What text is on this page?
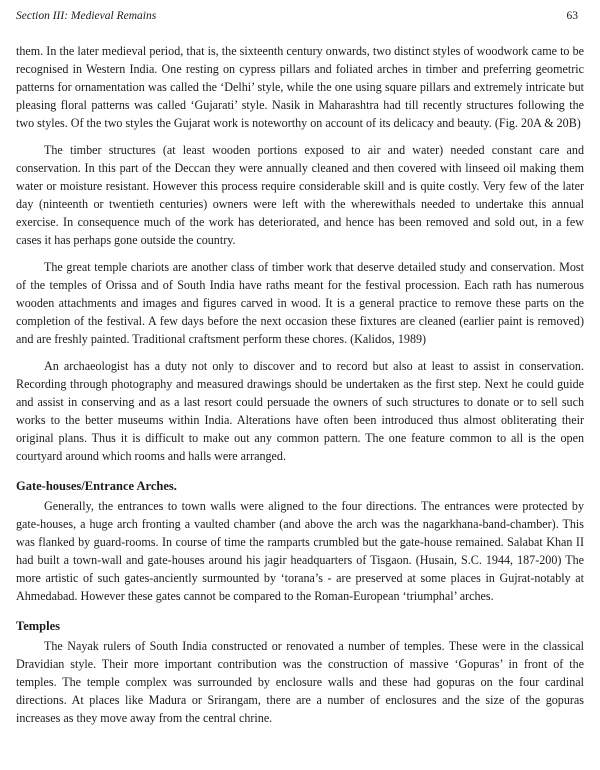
Section III: Medieval Remains	63

them. In the later medieval period, that is, the sixteenth century onwards, two distinct styles of woodwork came to be recognised in Western India. One resting on cypress pillars and foliated arches in timber and preferring geometric patterns for ornamentation was called the ‘Delhi’ style, while the one using square pillars and extremely intricate but pleasing floral patterns was called ‘Gujarati’ style. Nasik in Maharashtra had till recently structures following the two styles. Of the two styles the Gujarat work is noteworthy on account of its delicacy and beauty. (Fig. 20A & 20B)

The timber structures (at least wooden portions exposed to air and water) needed constant care and conservation. In this part of the Deccan they were annually cleaned and then covered with linseed oil making them water or moisture resistant. However this process require considerable skill and is quite costly. Very few of the later day (ninteenth or twentieth centuries) owners were left with the wherewithals needed to undertake this annual exercise. In consequence much of the work has deteriorated, and hence has been removed and sold out, in a few cases it has perhaps gone outside the country.

The great temple chariots are another class of timber work that deserve detailed study and conservation. Most of the temples of Orissa and of South India have raths meant for the festival procession. Each rath has numerous wooden attachments and images and figures carved in wood. It is a general practice to remove these parts on the completion of the festival. A few days before the next occasion these fixtures are cleaned (earlier paint is removed) and are freshly painted. Traditional craftsment perform these chores. (Kalidos, 1989)

An archaeologist has a duty not only to discover and to record but also at least to assist in conservation. Recording through photography and measured drawings should be undertaken as the first step. Next he could guide and assist in conserving and as a last resort could persuade the owners of such structures to donate or to sell such works to the better museums within India. Alterations have often been introduced thus almost obliterating their original plans. Thus it is difficult to make out any common pattern. The one feature common to all is the open courtyard around which rooms and halls were arranged.

Gate-houses/Entrance Arches.

Generally, the entrances to town walls were aligned to the four directions. The entrances were protected by gate-houses, a huge arch fronting a vaulted chamber (and above the arch was the nagarkhana-band-chamber). This was flanked by guard-rooms. In course of time the ramparts crumbled but the gate-house remained. Salabat Khan II had built a town-wall and gate-houses around his jagir headquarters of Tisgaon. (Husain, S.C. 1944, 187-200) The more artistic of such gates-anciently surmounted by ‘torana’s - are preserved at some places in Gujrat-notably at Ahmedabad. However these gates cannot be compared to the Roman-European ‘triumphal’ arches.

Temples

The Nayak rulers of South India constructed or renovated a number of temples. These were in the classical Dravidian style. Their more important contribution was the construction of massive ‘Gopuras’ in front of the temples. The temple complex was surrounded by enclosure walls and these had gopuras on the four cardinal directions. At places like Madura or Srirangam, there are a number of enclosures and the size of the gopuras increases as they move away from the central chrine.
